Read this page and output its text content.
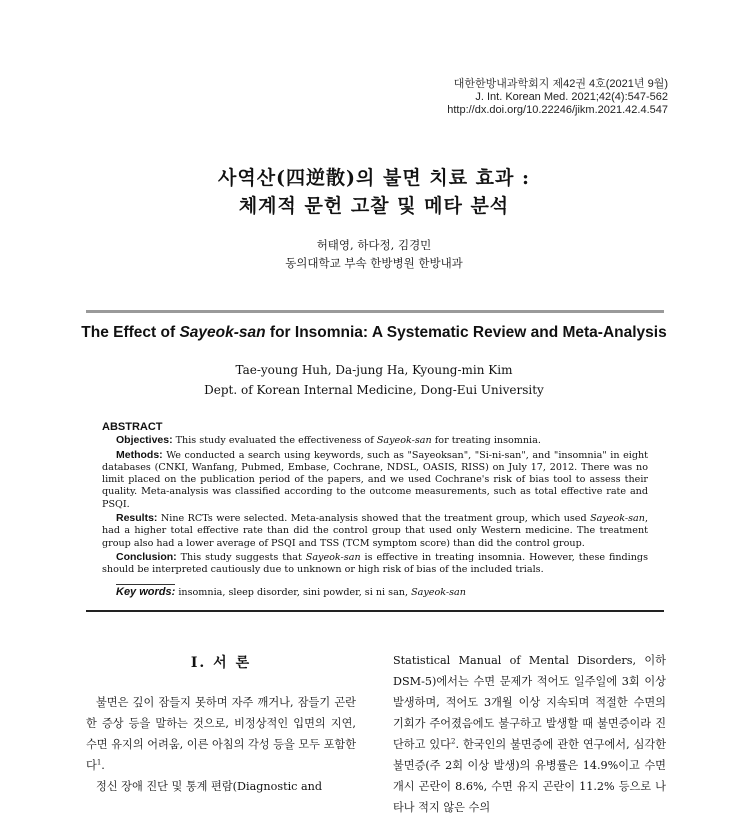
대한한방내과학회지 제42권 4호(2021년 9월)
J. Int. Korean Med. 2021;42(4):547-562
http://dx.doi.org/10.22246/jikm.2021.42.4.547
사역산(四逆散)의 불면 치료 효과 :
체계적 문헌 고찰 및 메타 분석
허태영, 하다정, 김경민
동의대학교 부속 한방병원 한방내과
The Effect of Sayeok-san for Insomnia: A Systematic Review and Meta-Analysis
Tae-young Huh, Da-jung Ha, Kyoung-min Kim
Dept. of Korean Internal Medicine, Dong-Eui University
ABSTRACT

Objectives: This study evaluated the effectiveness of Sayeok-san for treating insomnia.

Methods: We conducted a search using keywords, such as "Sayeoksan", "Si-ni-san", and "insomnia" in eight databases (CNKI, Wanfang, Pubmed, Embase, Cochrane, NDSL, OASIS, RISS) on July 17, 2012. There was no limit placed on the publication period of the papers, and we used Cochrane's risk of bias tool to assess their quality. Meta-analysis was classified according to the outcome measurements, such as total effective rate and PSQI.

Results: Nine RCTs were selected. Meta-analysis showed that the treatment group, which used Sayeok-san, had a higher total effective rate than did the control group that used only Western medicine. The treatment group also had a lower average of PSQI and TSS (TCM symptom score) than did the control group.

Conclusion: This study suggests that Sayeok-san is effective in treating insomnia. However, these findings should be interpreted cautiously due to unknown or high risk of bias of the included trials.

Key words: insomnia, sleep disorder, sini powder, si ni san, Sayeok-san
Ⅰ. 서 론

불면은 깊이 잠들지 못하며 자주 깨거나, 잠들기 곤란한 증상 등을 말하는 것으로, 비정상적인 입면의 지연, 수면 유지의 어려움, 이른 아침의 각성 등을 모두 포함한다$^1$.

정신 장애 진단 및 통계 편람(Diagnostic and

Statistical Manual of Mental Disorders, 이하 DSM-5)에서는 수면 문제가 적어도 일주일에 3회 이상 발생하며, 적어도 3개월 이상 지속되며 적절한 수면의 기회가 주어졌음에도 불구하고 발생할 때 불면증이라 진단하고 있다$^2$. 한국인의 불면증에 관한 연구에서, 심각한 불면증(주 2회 이상 발생)의 유병률은 14.9%이고 수면 개시 곤란이 8.6%, 수면 유지 곤란이 11.2% 등으로 나타나 적지 않은 수의
